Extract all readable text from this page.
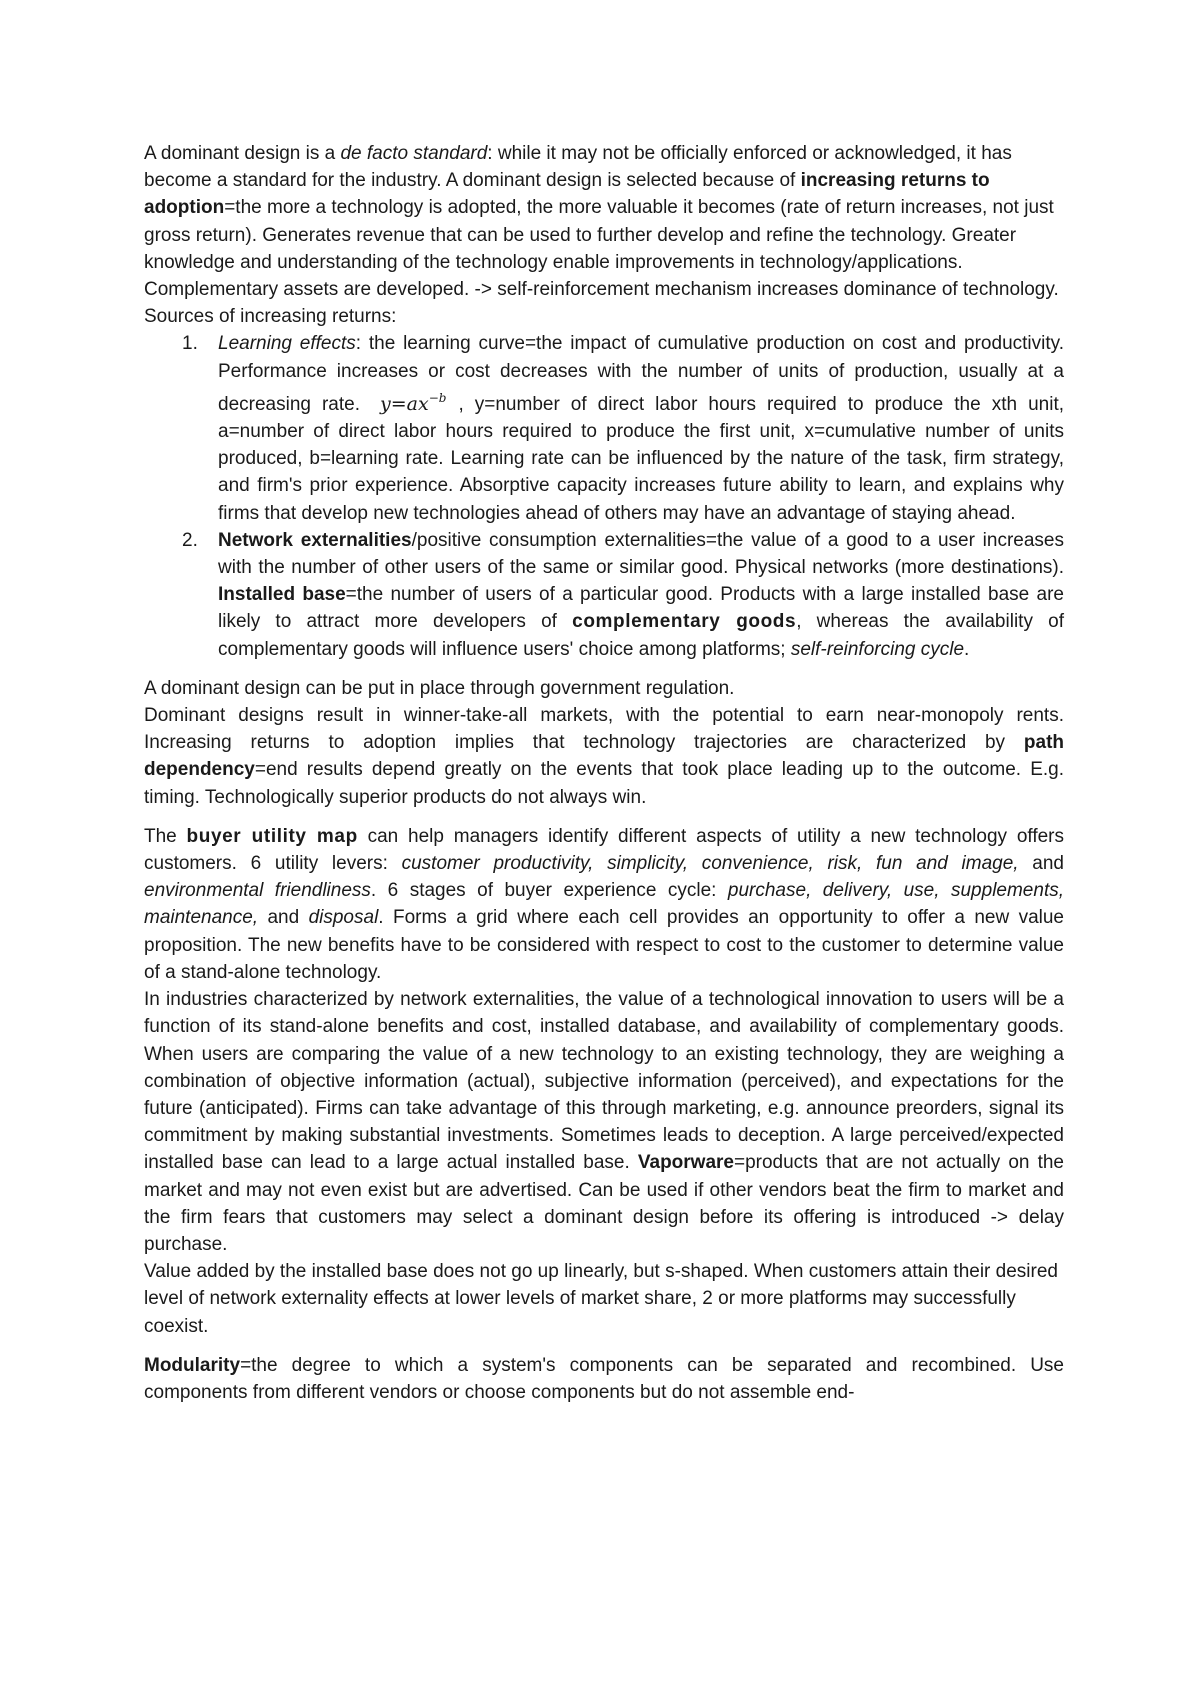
A dominant design is a de facto standard: while it may not be officially enforced or acknowledged, it has become a standard for the industry. A dominant design is selected because of increasing returns to adoption=the more a technology is adopted, the more valuable it becomes (rate of return increases, not just gross return). Generates revenue that can be used to further develop and refine the technology. Greater knowledge and understanding of the technology enable improvements in technology/applications. Complementary assets are developed. -> self-reinforcement mechanism increases dominance of technology. Sources of increasing returns:

1. Learning effects: the learning curve=the impact of cumulative production on cost and productivity. Performance increases or cost decreases with the number of units of production, usually at a decreasing rate. $y=ax^{-b}$ , y=number of direct labor hours required to produce the xth unit, a=number of direct labor hours required to produce the first unit, x=cumulative number of units produced, b=learning rate. Learning rate can be influenced by the nature of the task, firm strategy, and firm's prior experience. Absorptive capacity increases future ability to learn, and explains why firms that develop new technologies ahead of others may have an advantage of staying ahead.
2. Network externalities/positive consumption externalities=the value of a good to a user increases with the number of other users of the same or similar good. Physical networks (more destinations). Installed base=the number of users of a particular good. Products with a large installed base are likely to attract more developers of complementary goods, whereas the availability of complementary goods will influence users' choice among platforms; self-reinforcing cycle.

A dominant design can be put in place through government regulation.

Dominant designs result in winner-take-all markets, with the potential to earn near-monopoly rents. Increasing returns to adoption implies that technology trajectories are characterized by path dependency=end results depend greatly on the events that took place leading up to the outcome. E.g. timing. Technologically superior products do not always win.

The buyer utility map can help managers identify different aspects of utility a new technology offers customers. 6 utility levers: customer productivity, simplicity, convenience, risk, fun and image, and environmental friendliness. 6 stages of buyer experience cycle: purchase, delivery, use, supplements, maintenance, and disposal. Forms a grid where each cell provides an opportunity to offer a new value proposition. The new benefits have to be considered with respect to cost to the customer to determine value of a stand-alone technology.

In industries characterized by network externalities, the value of a technological innovation to users will be a function of its stand-alone benefits and cost, installed database, and availability of complementary goods. When users are comparing the value of a new technology to an existing technology, they are weighing a combination of objective information (actual), subjective information (perceived), and expectations for the future (anticipated). Firms can take advantage of this through marketing, e.g. announce preorders, signal its commitment by making substantial investments. Sometimes leads to deception. A large perceived/expected installed base can lead to a large actual installed base. Vaporware=products that are not actually on the market and may not even exist but are advertised. Can be used if other vendors beat the firm to market and the firm fears that customers may select a dominant design before its offering is introduced -> delay purchase.

Value added by the installed base does not go up linearly, but s-shaped. When customers attain their desired level of network externality effects at lower levels of market share, 2 or more platforms may successfully coexist.

Modularity=the degree to which a system's components can be separated and recombined. Use components from different vendors or choose components but do not assemble end-
